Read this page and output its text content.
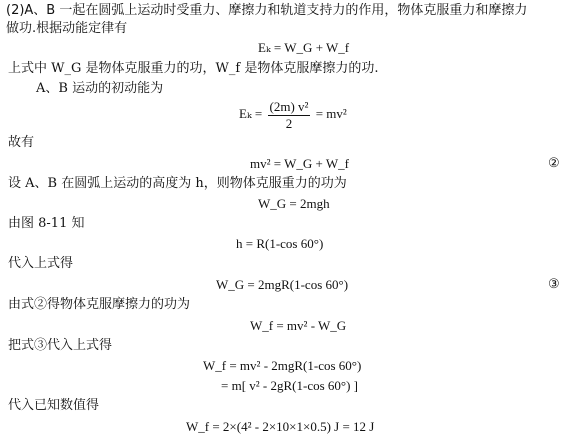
(2)A、B 一起在圆弧上运动时受重力、摩擦力和轨道支持力的作用，物体克服重力和摩擦力
做功.根据动能定律有
Eₖ = W_G + W_f
上式中 W_G 是物体克服重力的功，W_f 是物体克服摩擦力的功.
A、B 运动的初动能为
$E_k = \frac{\text{(2m) v²}}{2} = mv^2$
故有
mv² = W_G + W_f	②
设 A、B 在圆弧上运动的高度为 h，则物体克服重力的功为
W_G = 2mgh
由图 8-11 知
h = R(1-cos 60°)
代入上式得
W_G = 2mgR(1-cos 60°)	③
由式②得物体克服摩擦力的功为
W_f = mv² - W_G
把式③代入上式得
W_f = mv² - 2mgR(1-cos 60°)
= m[ v² - 2gR(1-cos 60°) ]
代入已知数值得
W_f = 2×(4² - 2×10×1×0.5) J = 12 J
